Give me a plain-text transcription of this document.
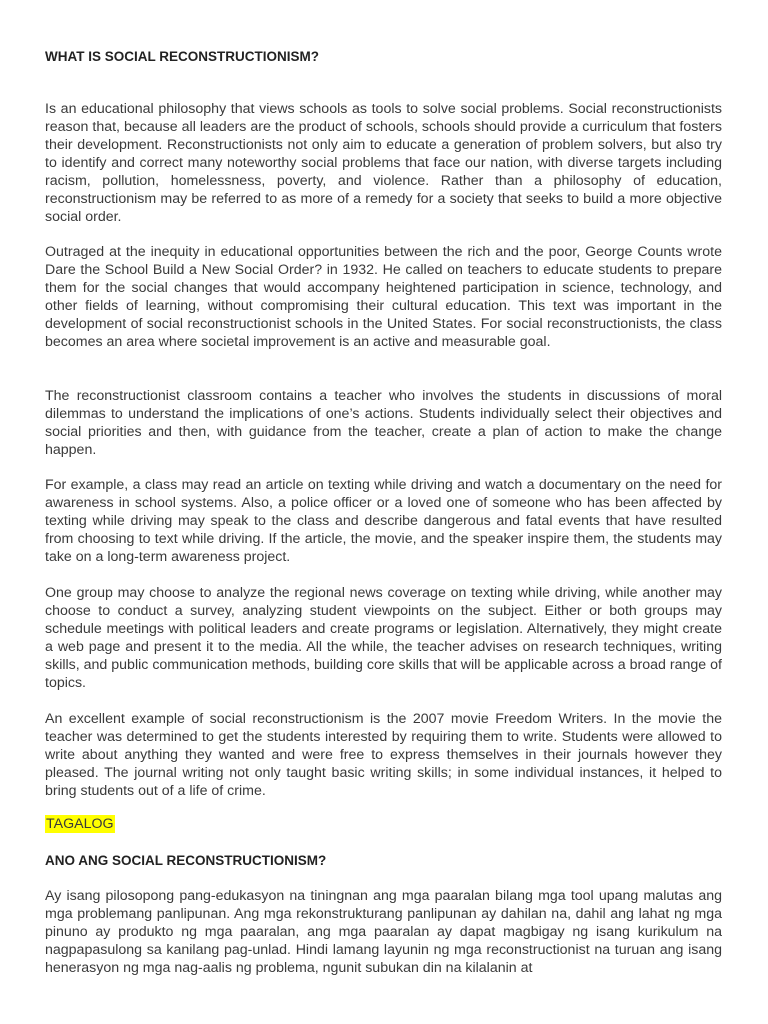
WHAT IS SOCIAL RECONSTRUCTIONISM?

Is an educational philosophy that views schools as tools to solve social problems. Social reconstructionists reason that, because all leaders are the product of schools, schools should provide a curriculum that fosters their development. Reconstructionists not only aim to educate a generation of problem solvers, but also try to identify and correct many noteworthy social problems that face our nation, with diverse targets including racism, pollution, homelessness, poverty, and violence. Rather than a philosophy of education, reconstructionism may be referred to as more of a remedy for a society that seeks to build a more objective social order.

Outraged at the inequity in educational opportunities between the rich and the poor, George Counts wrote Dare the School Build a New Social Order? in 1932. He called on teachers to educate students to prepare them for the social changes that would accompany heightened participation in science, technology, and other fields of learning, without compromising their cultural education. This text was important in the development of social reconstructionist schools in the United States. For social reconstructionists, the class becomes an area where societal improvement is an active and measurable goal.

The reconstructionist classroom contains a teacher who involves the students in discussions of moral dilemmas to understand the implications of one’s actions. Students individually select their objectives and social priorities and then, with guidance from the teacher, create a plan of action to make the change happen.

For example, a class may read an article on texting while driving and watch a documentary on the need for awareness in school systems. Also, a police officer or a loved one of someone who has been affected by texting while driving may speak to the class and describe dangerous and fatal events that have resulted from choosing to text while driving. If the article, the movie, and the speaker inspire them, the students may take on a long-term awareness project.

One group may choose to analyze the regional news coverage on texting while driving, while another may choose to conduct a survey, analyzing student viewpoints on the subject. Either or both groups may schedule meetings with political leaders and create programs or legislation. Alternatively, they might create a web page and present it to the media. All the while, the teacher advises on research techniques, writing skills, and public communication methods, building core skills that will be applicable across a broad range of topics.

An excellent example of social reconstructionism is the 2007 movie Freedom Writers. In the movie the teacher was determined to get the students interested by requiring them to write. Students were allowed to write about anything they wanted and were free to express themselves in their journals however they pleased. The journal writing not only taught basic writing skills; in some individual instances, it helped to bring students out of a life of crime.

TAGALOG
ANO ANG SOCIAL RECONSTRUCTIONISM?

Ay isang pilosopong pang-edukasyon na tiningnan ang mga paaralan bilang mga tool upang malutas ang mga problemang panlipunan. Ang mga rekonstrukturang panlipunan ay dahilan na, dahil ang lahat ng mga pinuno ay produkto ng mga paaralan, ang mga paaralan ay dapat magbigay ng isang kurikulum na nagpapasulong sa kanilang pag-unlad. Hindi lamang layunin ng mga reconstructionist na turuan ang isang henerasyon ng mga nag-aalis ng problema, ngunit subukan din na kilalanin at
